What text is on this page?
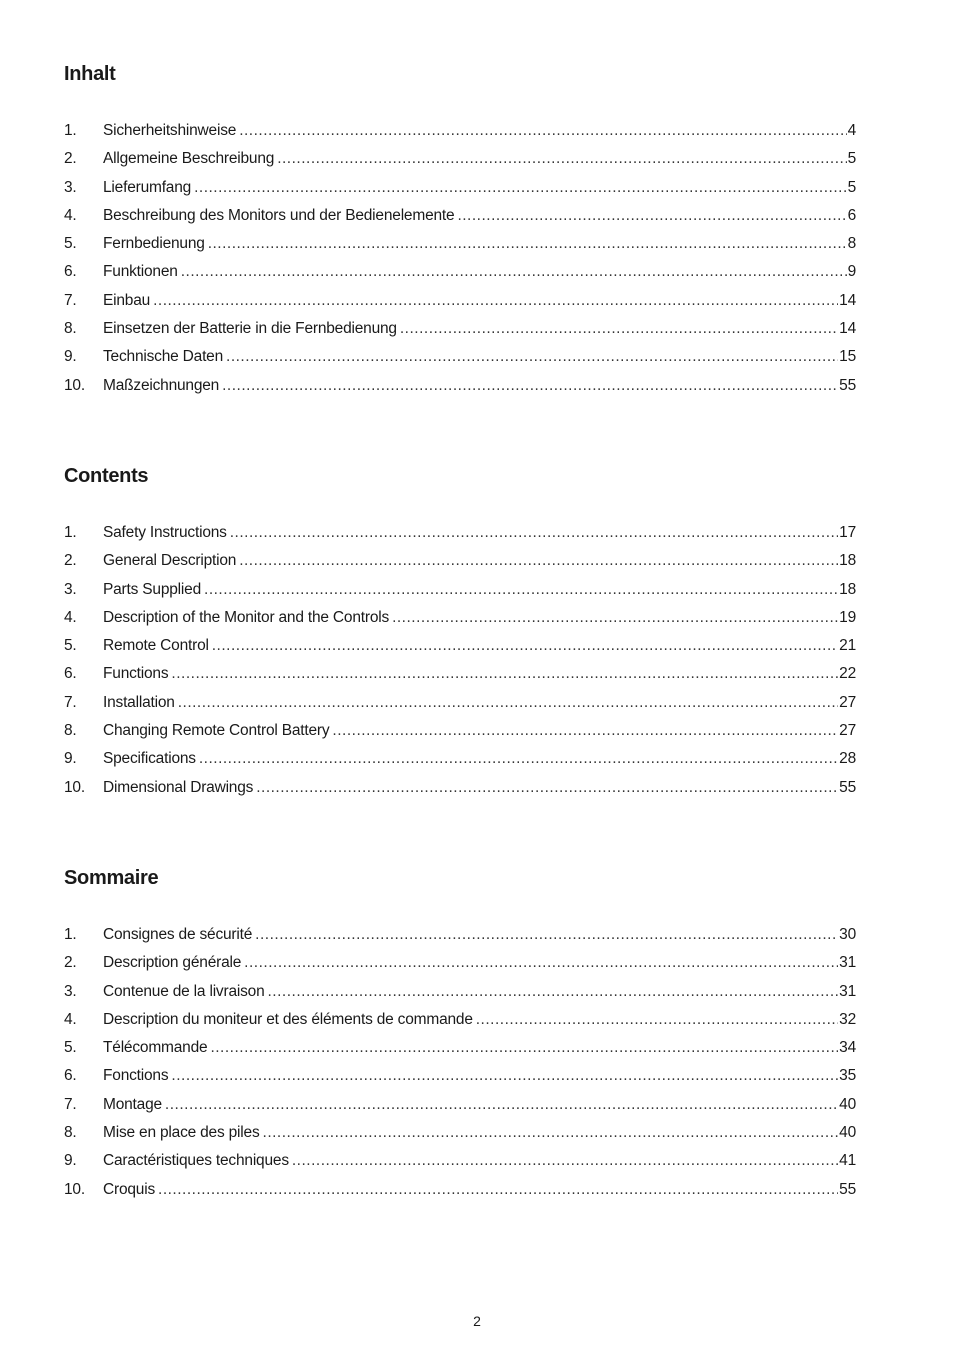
Inhalt
1.	Sicherheitshinweise .....	4
2.	Allgemeine Beschreibung .....	5
3.	Lieferumfang .....	5
4.	Beschreibung des Monitors und der Bedienelemente .....	6
5.	Fernbedienung .....	8
6.	Funktionen .....	9
7.	Einbau .....	14
8.	Einsetzen der Batterie in die Fernbedienung .....	14
9.	Technische Daten .....	15
10.	Maßzeichnungen .....	55
Contents
1.	Safety Instructions .....	17
2.	General Description .....	18
3.	Parts Supplied .....	18
4.	Description of the Monitor and the Controls .....	19
5.	Remote Control .....	21
6.	Functions .....	22
7.	Installation .....	27
8.	Changing Remote Control Battery .....	27
9.	Specifications .....	28
10.	Dimensional Drawings .....	55
Sommaire
1.	Consignes de sécurité .....	30
2.	Description générale .....	31
3.	Contenue de la livraison .....	31
4.	Description du moniteur et des éléments de commande .....	32
5.	Télécommande .....	34
6.	Fonctions .....	35
7.	Montage .....	40
8.	Mise en place des piles .....	40
9.	Caractéristiques techniques .....	41
10.	Croquis .....	55
2
